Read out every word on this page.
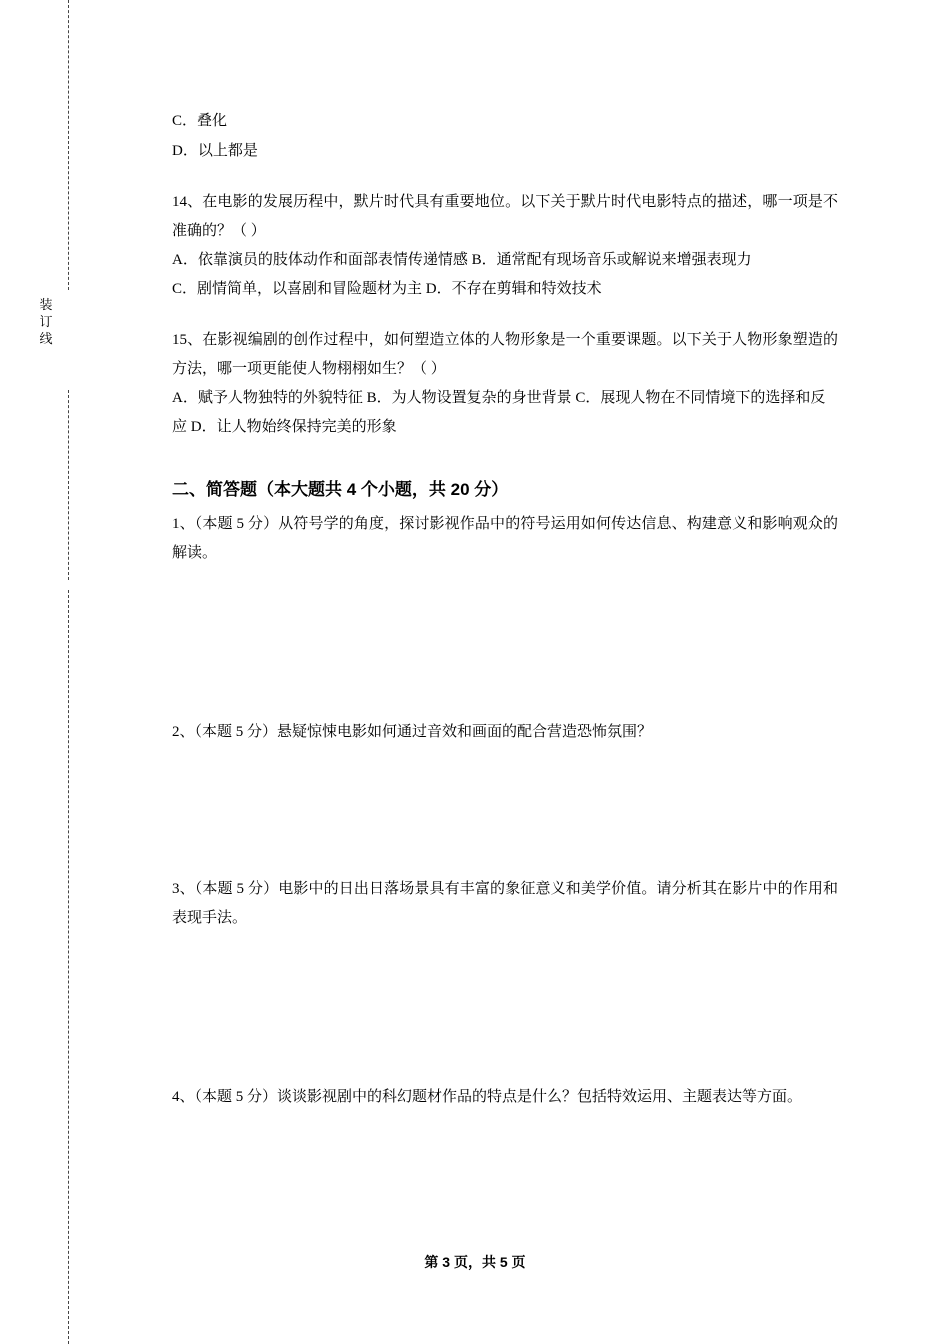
装 订 线
C．叠化
D．以上都是
14、在电影的发展历程中，默片时代具有重要地位。以下关于默片时代电影特点的描述，哪一项是不准确的？（ ）
A．依靠演员的肢体动作和面部表情传递情感 B．通常配有现场音乐或解说来增强表现力
C．剧情简单，以喜剧和冒险题材为主 D．不存在剪辑和特效技术
15、在影视编剧的创作过程中，如何塑造立体的人物形象是一个重要课题。以下关于人物形象塑造的方法，哪一项更能使人物栩栩如生？（ ）
A．赋予人物独特的外貌特征 B．为人物设置复杂的身世背景 C．展现人物在不同情境下的选择和反应 D．让人物始终保持完美的形象
二、简答题（本大题共 4 个小题，共 20 分）
1、（本题 5 分）从符号学的角度，探讨影视作品中的符号运用如何传达信息、构建意义和影响观众的解读。
2、（本题 5 分）悬疑惊悚电影如何通过音效和画面的配合营造恐怖氛围？
3、（本题 5 分）电影中的日出日落场景具有丰富的象征意义和美学价值。请分析其在影片中的作用和表现手法。
4、（本题 5 分）谈谈影视剧中的科幻题材作品的特点是什么？包括特效运用、主题表达等方面。
第 3 页，共 5 页
